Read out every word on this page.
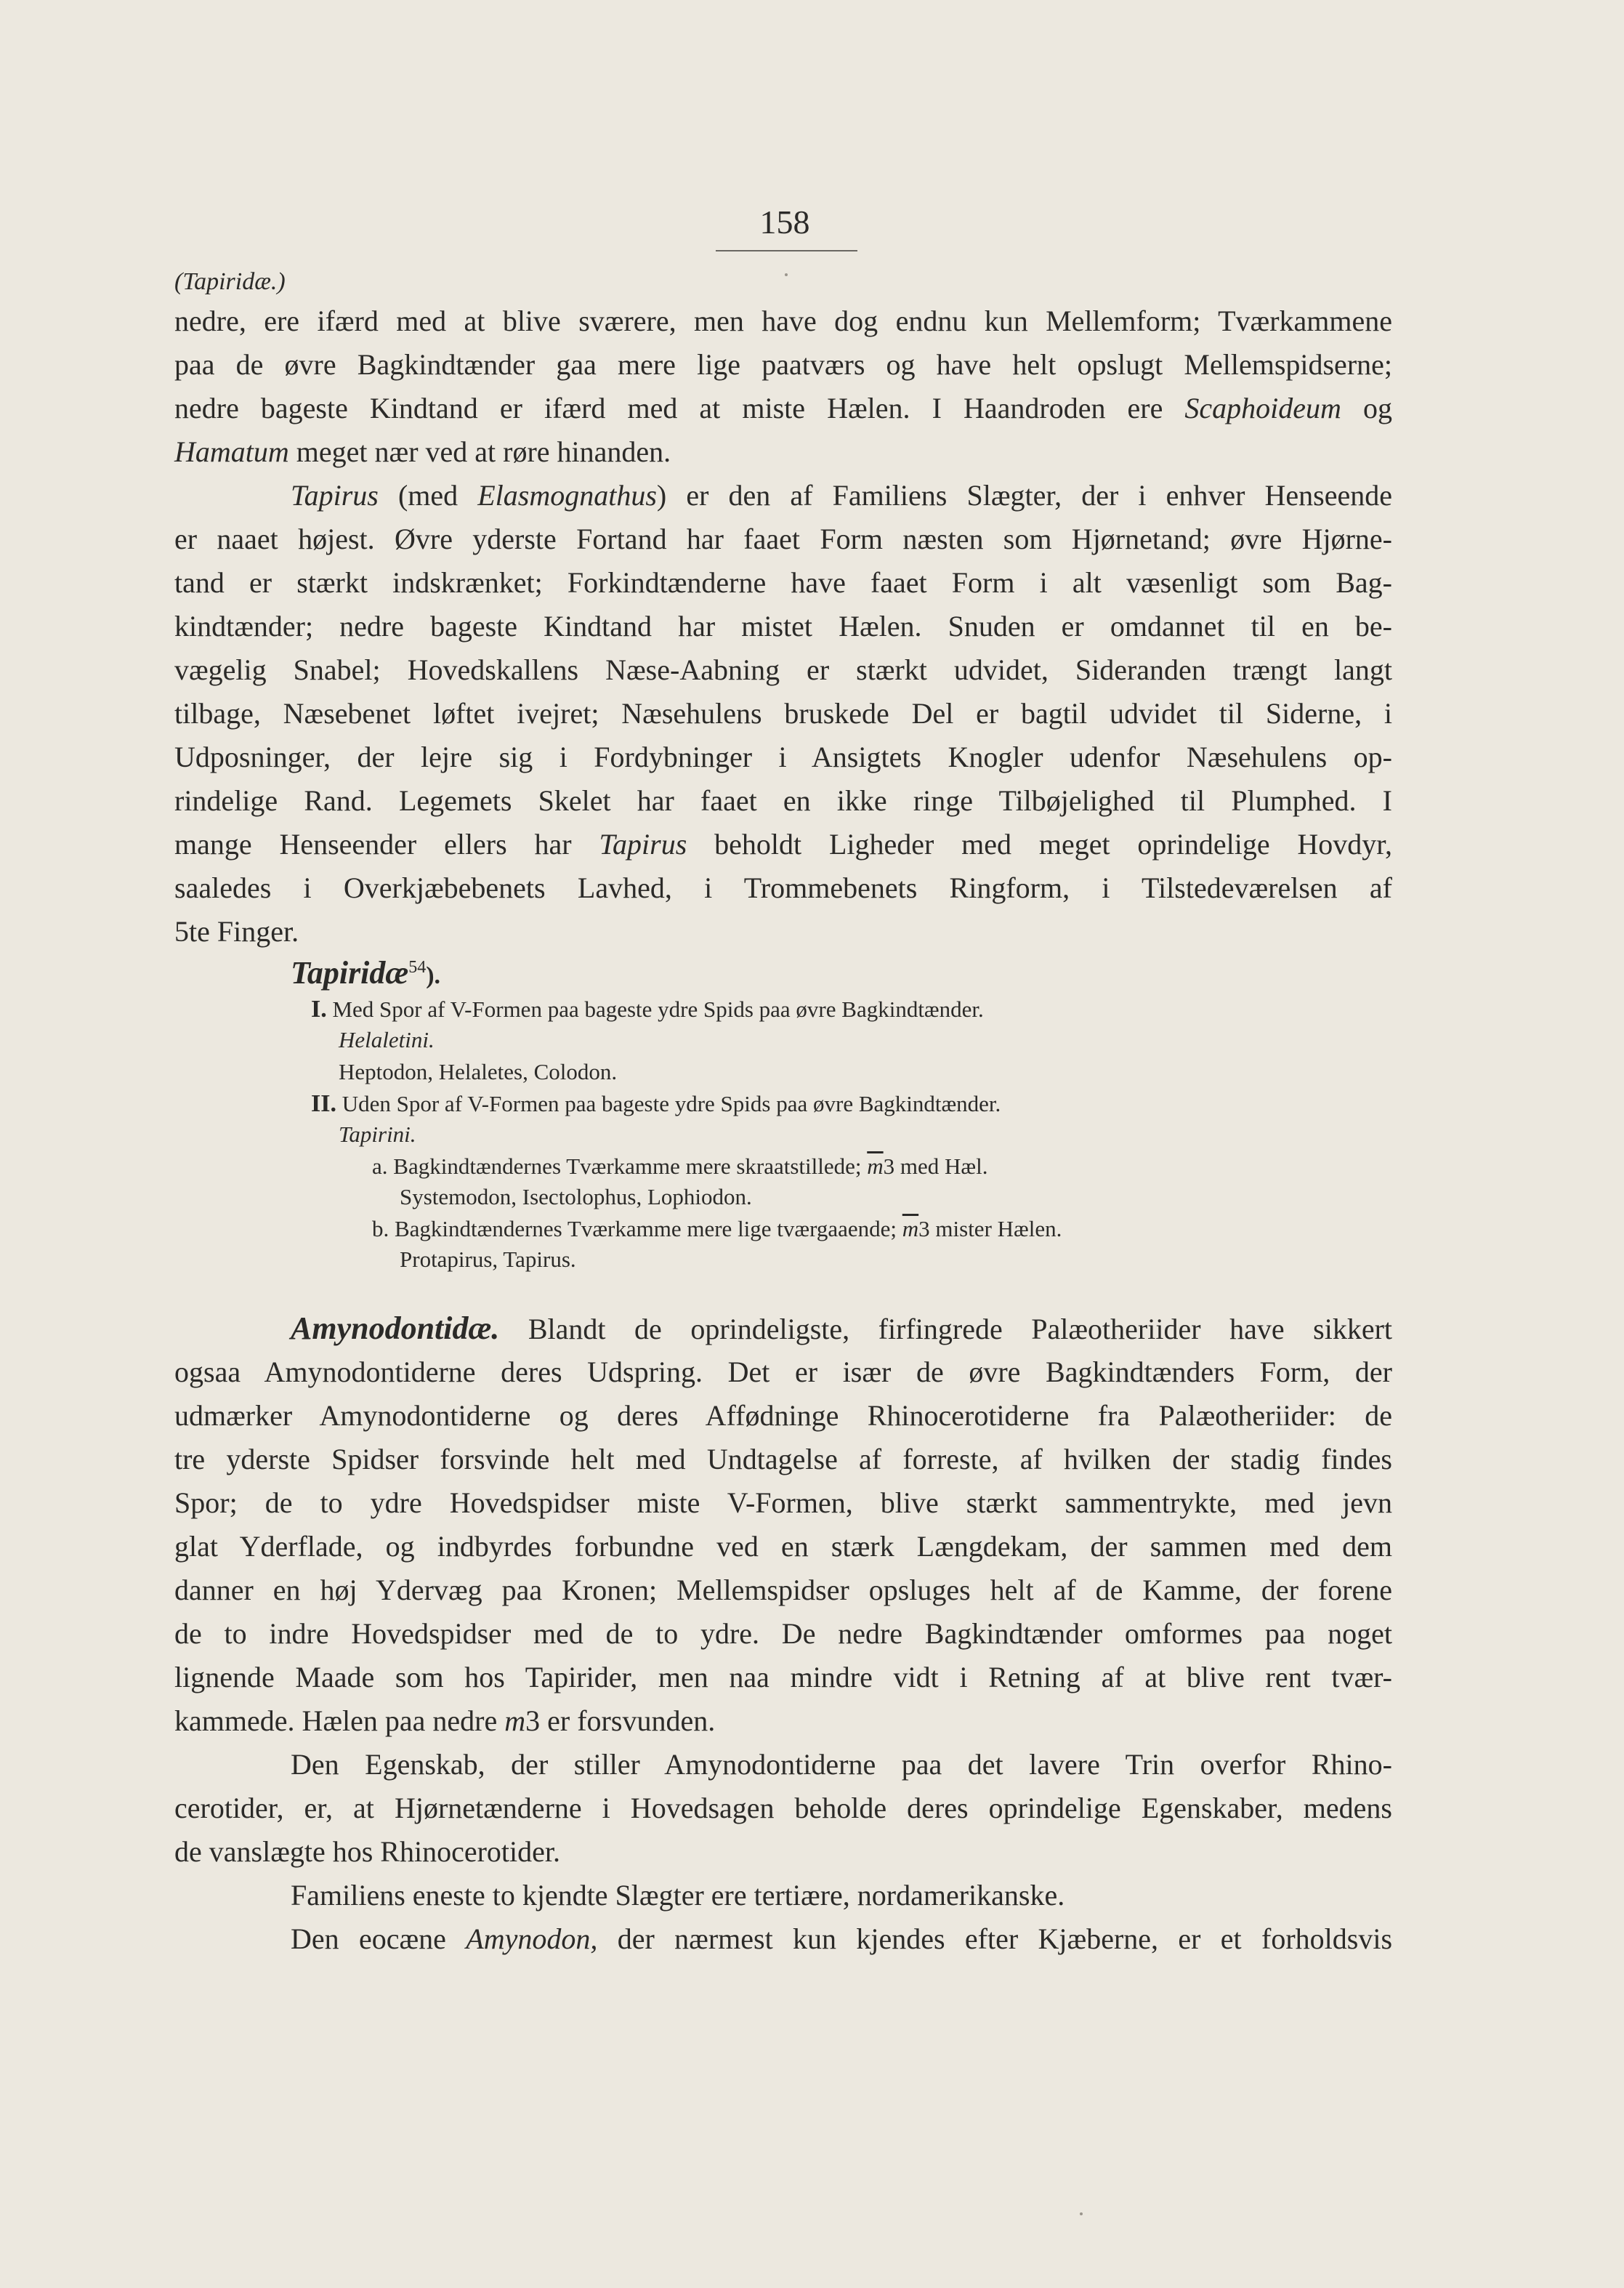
158
(Tapiridæ.)
nedre, ere ifærd med at blive sværere, men have dog endnu kun Mellemform; Tværkammene
paa de øvre Bagkindtænder gaa mere lige paatværs og have helt opslugt Mellemspidserne;
nedre bageste Kindtand er ifærd med at miste Hælen. I Haandroden ere Scaphoideum og
Hamatum meget nær ved at røre hinanden.
Tapirus (med Elasmognathus) er den af Familiens Slægter, der i enhver Henseende
er naaet højest. Øvre yderste Fortand har faaet Form næsten som Hjørnetand; øvre Hjørne-
tand er stærkt indskrænket; Forkindtænderne have faaet Form i alt væsenligt som Bag-
kindtænder; nedre bageste Kindtand har mistet Hælen. Snuden er omdannet til en be-
vægelig Snabel; Hovedskallens Næse-Aabning er stærkt udvidet, Sideranden trængt langt
tilbage, Næsebenet løftet ivejret; Næsehulens bruskede Del er bagtil udvidet til Siderne, i
Udposninger, der lejre sig i Fordybninger i Ansigtets Knogler udenfor Næsehulens op-
rindelige Rand. Legemets Skelet har faaet en ikke ringe Tilbøjelighed til Plumphed. I
mange Henseender ellers har Tapirus beholdt Ligheder med meget oprindelige Hovdyr,
saaledes i Overkjæbebenets Lavhed, i Trommebenets Ringform, i Tilstedeværelsen af
5te Finger.
Tapiridæ$^{54}$).
I. Med Spor af V-Formen paa bageste ydre Spids paa øvre Bagkindtænder.
Helaletini.
Heptodon, Helaletes, Colodon.
II. Uden Spor af V-Formen paa bageste ydre Spids paa øvre Bagkindtænder.
Tapirini.
a. Bagkindtændernes Tværkamme mere skraatstillede; $\overline{m}3$ med Hæl.
Systemodon, Isectolophus, Lophiodon.
b. Bagkindtændernes Tværkamme mere lige tværgaaende; $\overline{m}3$ mister Hælen.
Protapirus, Tapirus.
Amynodontidæ. Blandt de oprindeligste, firfingrede Palæotheriider have sikkert
ogsaa Amynodontiderne deres Udspring. Det er især de øvre Bagkindtænders Form, der
udmærker Amynodontiderne og deres Affødninge Rhinocerotiderne fra Palæotheriider: de
tre yderste Spidser forsvinde helt med Undtagelse af forreste, af hvilken der stadig findes
Spor; de to ydre Hovedspidser miste V-Formen, blive stærkt sammentrykte, med jevn
glat Yderflade, og indbyrdes forbundne ved en stærk Længdekam, der sammen med dem
danner en høj Ydervæg paa Kronen; Mellemspidser opsluges helt af de Kamme, der forene
de to indre Hovedspidser med de to ydre. De nedre Bagkindtænder omformes paa noget
lignende Maade som hos Tapirider, men naa mindre vidt i Retning af at blive rent tvær-
kammede. Hælen paa nedre m3 er forsvunden.
Den Egenskab, der stiller Amynodontiderne paa det lavere Trin overfor Rhino-
cerotider, er, at Hjørnetænderne i Hovedsagen beholde deres oprindelige Egenskaber, medens
de vanslægte hos Rhinocerotider.
Familiens eneste to kjendte Slægter ere tertiære, nordamerikanske.
Den eocæne Amynodon, der nærmest kun kjendes efter Kjæberne, er et forholdsvis
